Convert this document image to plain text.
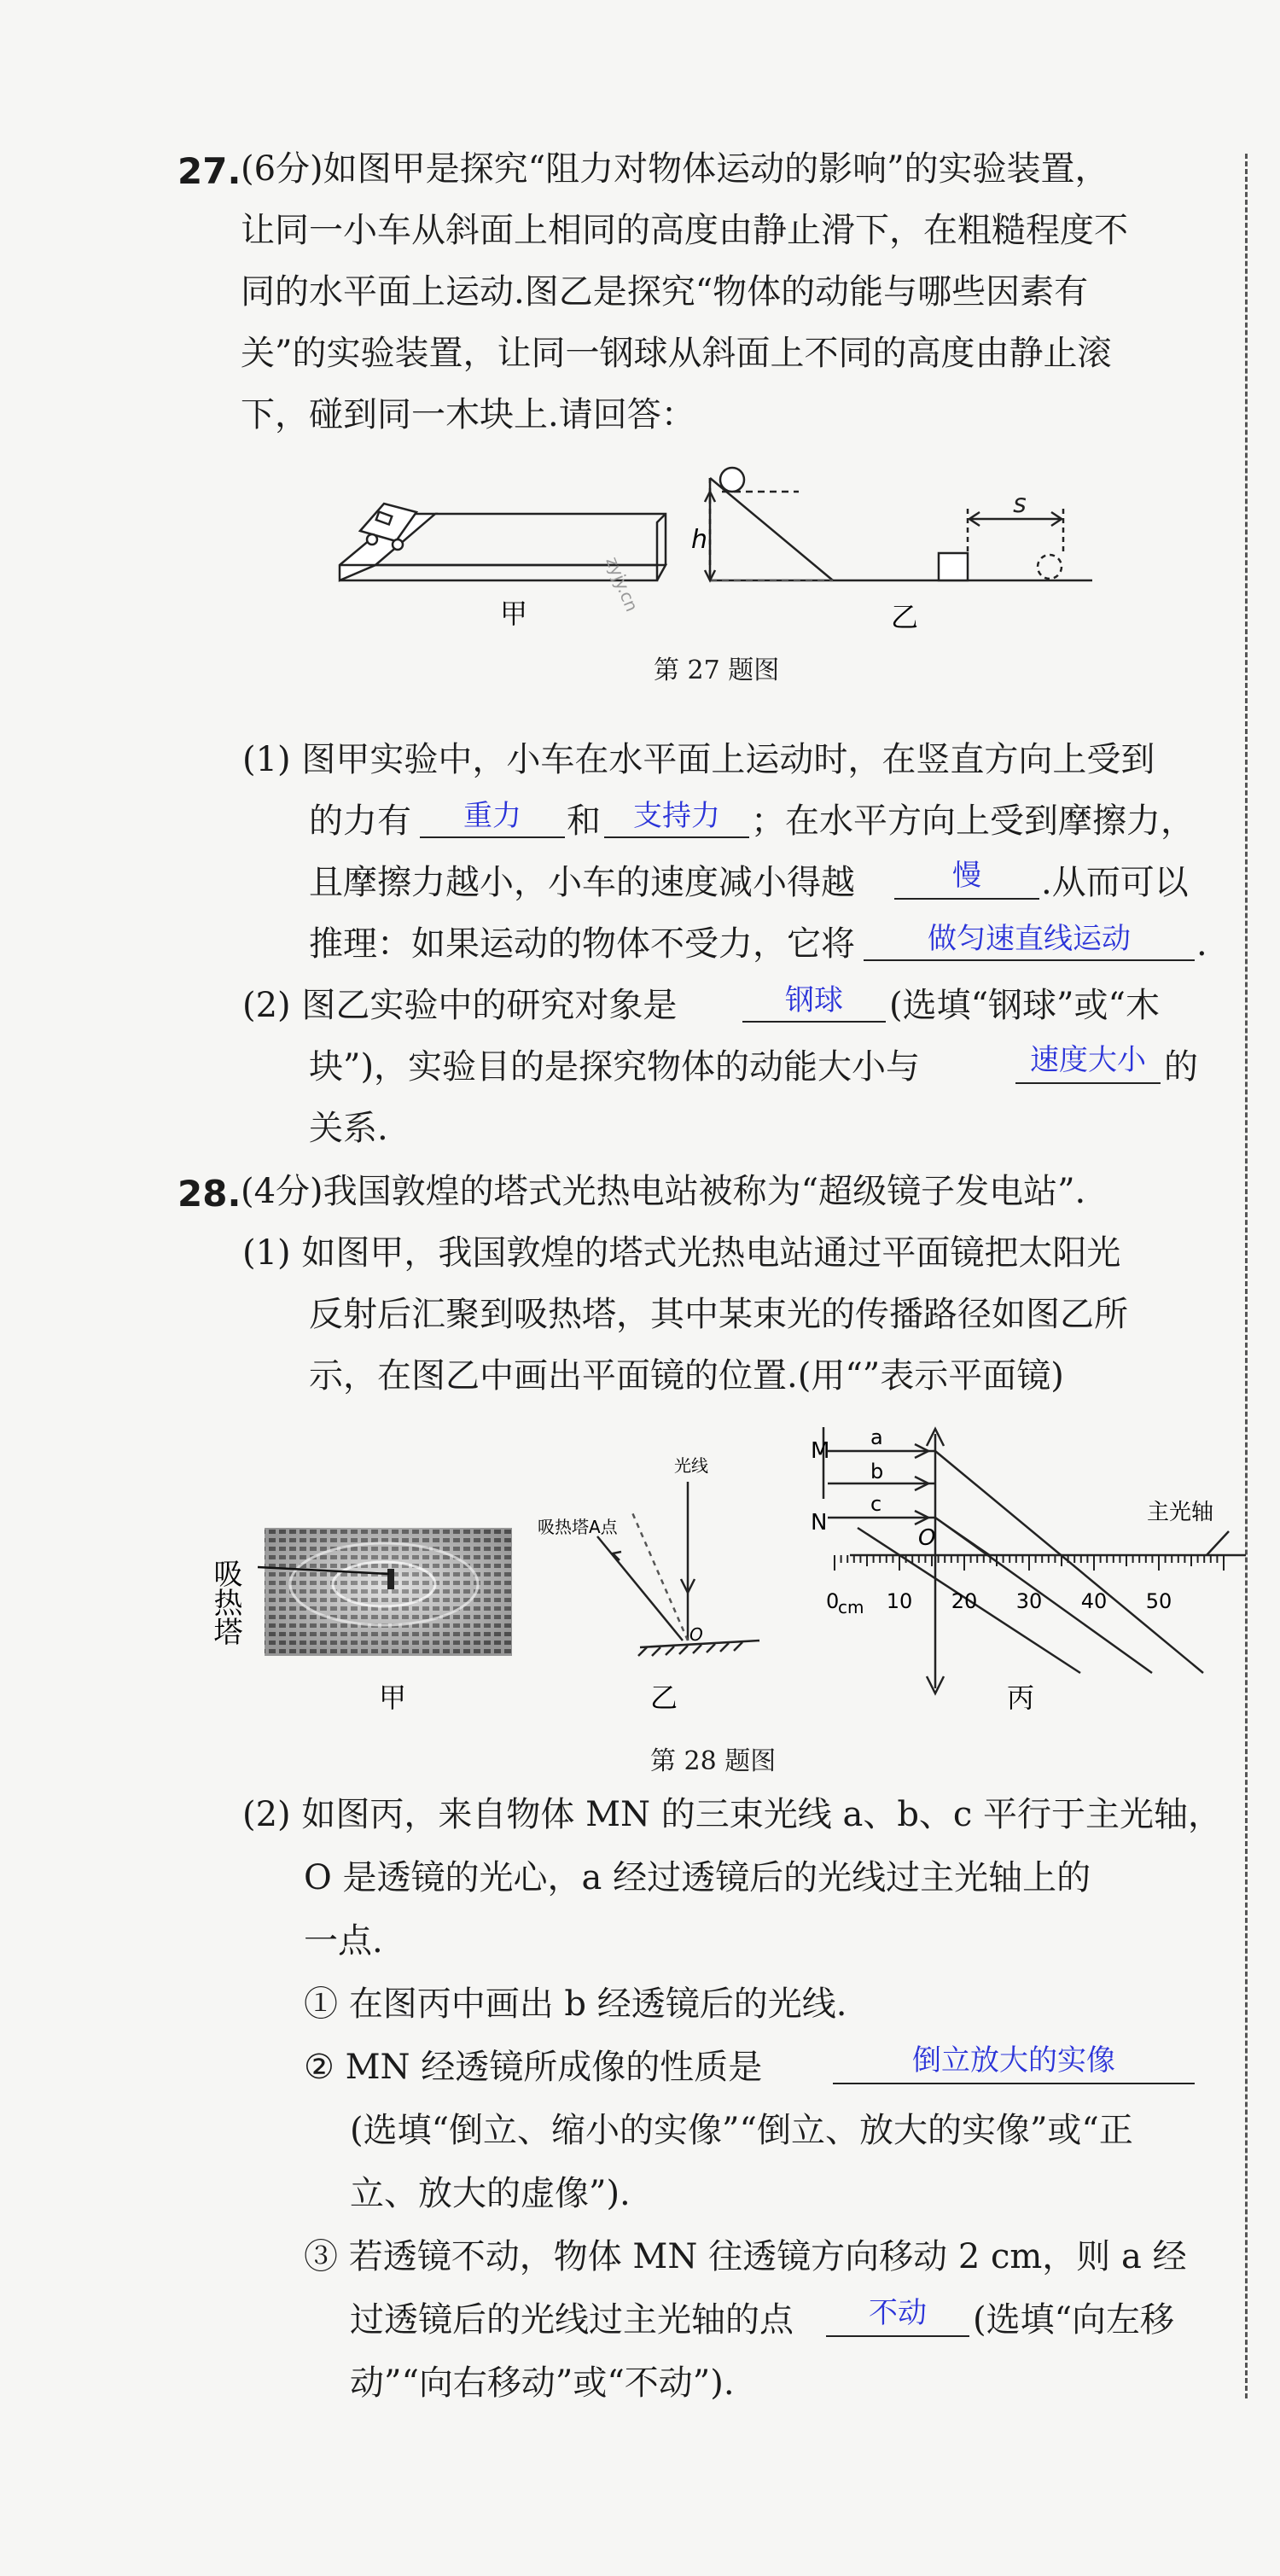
27. (6分)如图甲是探究“阻力对物体运动的影响”的实验装置，
让同一小车从斜面上相同的高度由静止滑下，在粗糙程度不
同的水平面上运动.图乙是探究“物体的动能与哪些因素有
关”的实验装置，让同一钢球从斜面上不同的高度由静止滚
下，碰到同一木块上.请回答：
甲	zyjy.cn
h
s
乙
第 27 题图
(1) 图甲实验中，小车在水平面上运动时，在竖直方向上受到
的力有	重力	和	支持力 ；在水平方向上受到摩擦力，
且摩擦力越小，小车的速度减小得越	慢	.从而可以
推理：如果运动的物体不受力，它将	做匀速直线运动	.
(2) 图乙实验中的研究对象是	钢球	(选填“钢球”或“木
块”)，实验目的是探究物体的动能大小与	速度大小 的
关系.
28. (4分)我国敦煌的塔式光热电站被称为“超级镜子发电站”.
(1) 如图甲，我国敦煌的塔式光热电站通过平面镜把太阳光
反射后汇聚到吸热塔，其中某束光的传播路径如图乙所
示，在图乙中画出平面镜的位置.(用“”表示平面镜)
吸热塔
甲
光线
吸热塔A点
O
乙
M
N
a
b
c	主光轴
O
0
cm 10 20 30 40 50
丙
第 28 题图
(2) 如图丙，来自物体 MN 的三束光线 a、b、c 平行于主光轴，
O 是透镜的光心，a 经过透镜后的光线过主光轴上的
一点.
① 在图丙中画出 b 经透镜后的光线.
② MN 经透镜所成像的性质是	倒立放大的实像
(选填“倒立、缩小的实像”“倒立、放大的实像”或“正
立、放大的虚像”).
③ 若透镜不动，物体 MN 往透镜方向移动 2 cm，则 a 经
过透镜后的光线过主光轴的点	不动	(选填“向左移
动”“向右移动”或“不动”).
